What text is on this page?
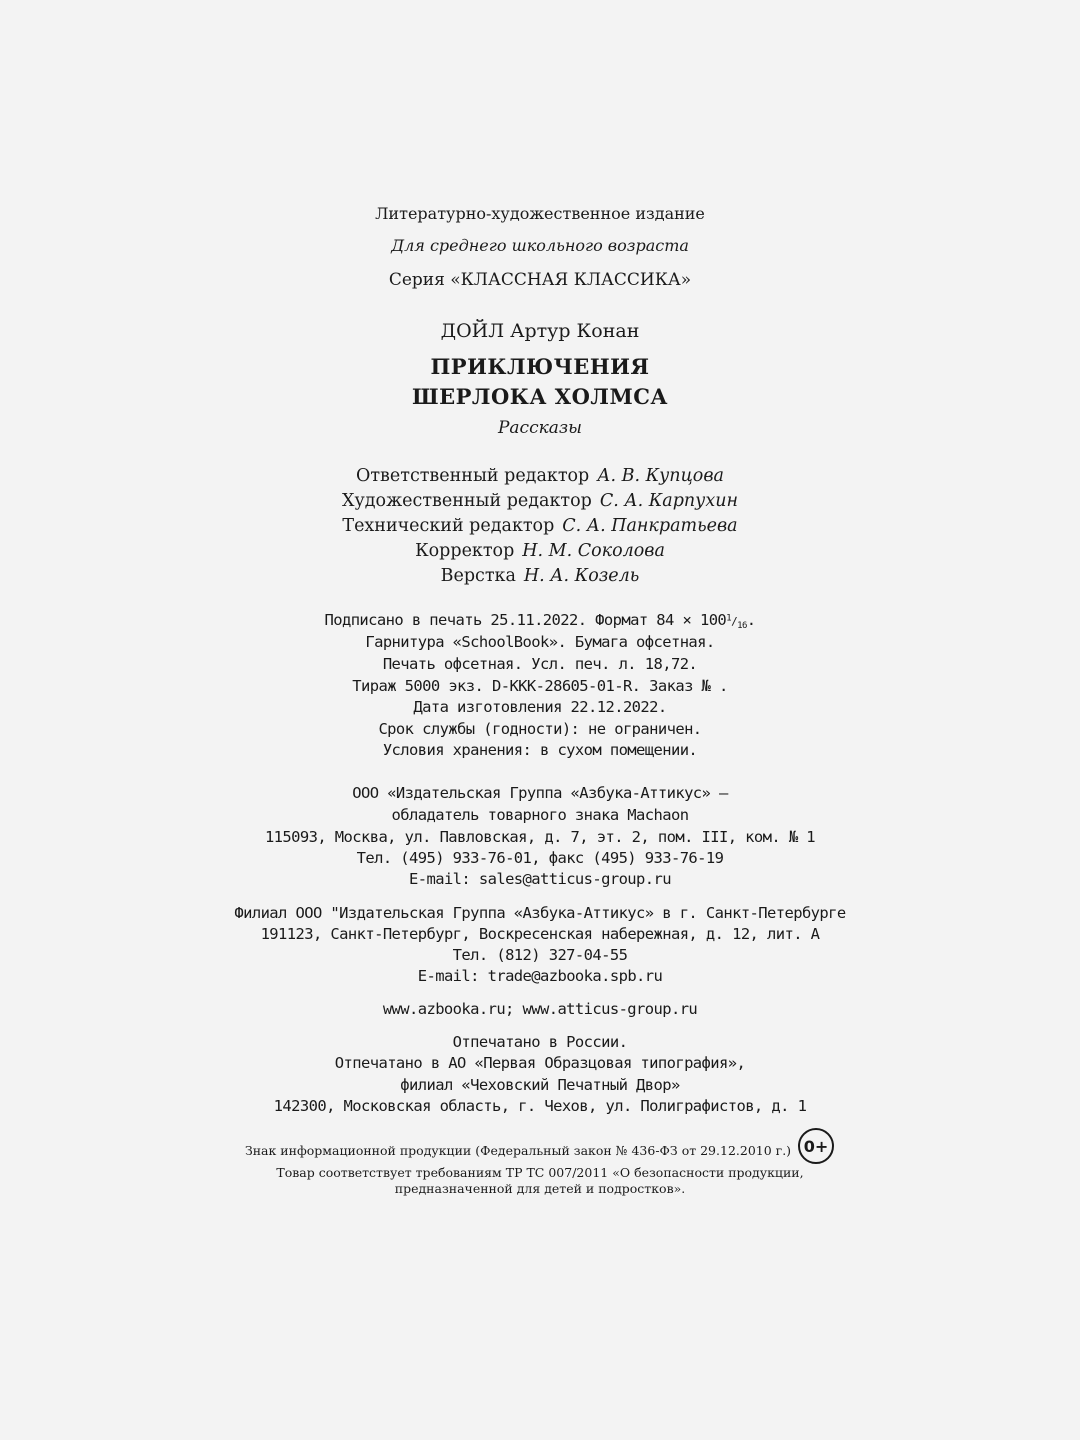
Литературно-художественное издание
Для среднего школьного возраста
Серия «КЛАССНАЯ КЛАССИКА»
ДОЙЛ Артур Конан
ПРИКЛЮЧЕНИЯ
ШЕРЛОКА ХОЛМСА
Рассказы
Ответственный редактор А. В. Купцова
Художественный редактор С. А. Карпухин
Технический редактор С. А. Панкратьева
Корректор Н. М. Соколова
Верстка Н. А. Козель
Подписано в печать 25.11.2022. Формат $84 \times 100^1/_{16}$.
Гарнитура «SchoolBook». Бумага офсетная.
Печать офсетная. Усл. печ. л. 18,72.
Тираж 5000 экз. D-KKK-28605-01-R. Заказ № .
Дата изготовления 22.12.2022.
Срок службы (годности): не ограничен.
Условия хранения: в сухом помещении.
ООО «Издательская Группа «Азбука-Аттикус» –
обладатель товарного знака Machaon
115093, Москва, ул. Павловская, д. 7, эт. 2, пом. III, ком. № 1
Тел. (495) 933-76-01, факс (495) 933-76-19
E-mail: sales@atticus-group.ru
Филиал ООО "Издательская Группа «Азбука-Аттикус» в г. Санкт-Петербурге
191123, Санкт-Петербург, Воскресенская набережная, д. 12, лит. А
Тел. (812) 327-04-55
E-mail: trade@azbooka.spb.ru
www.azbooka.ru; www.atticus-group.ru
Отпечатано в России.
Отпечатано в АО «Первая Образцовая типография»,
филиал «Чеховский Печатный Двор»
142300, Московская область, г. Чехов, ул. Полиграфистов, д. 1
Знак информационной продукции (Федеральный закон № 436-ФЗ от 29.12.2010 г.) 0+
Товар соответствует требованиям ТР ТС 007/2011 «О безопасности продукции,
предназначенной для детей и подростков».
